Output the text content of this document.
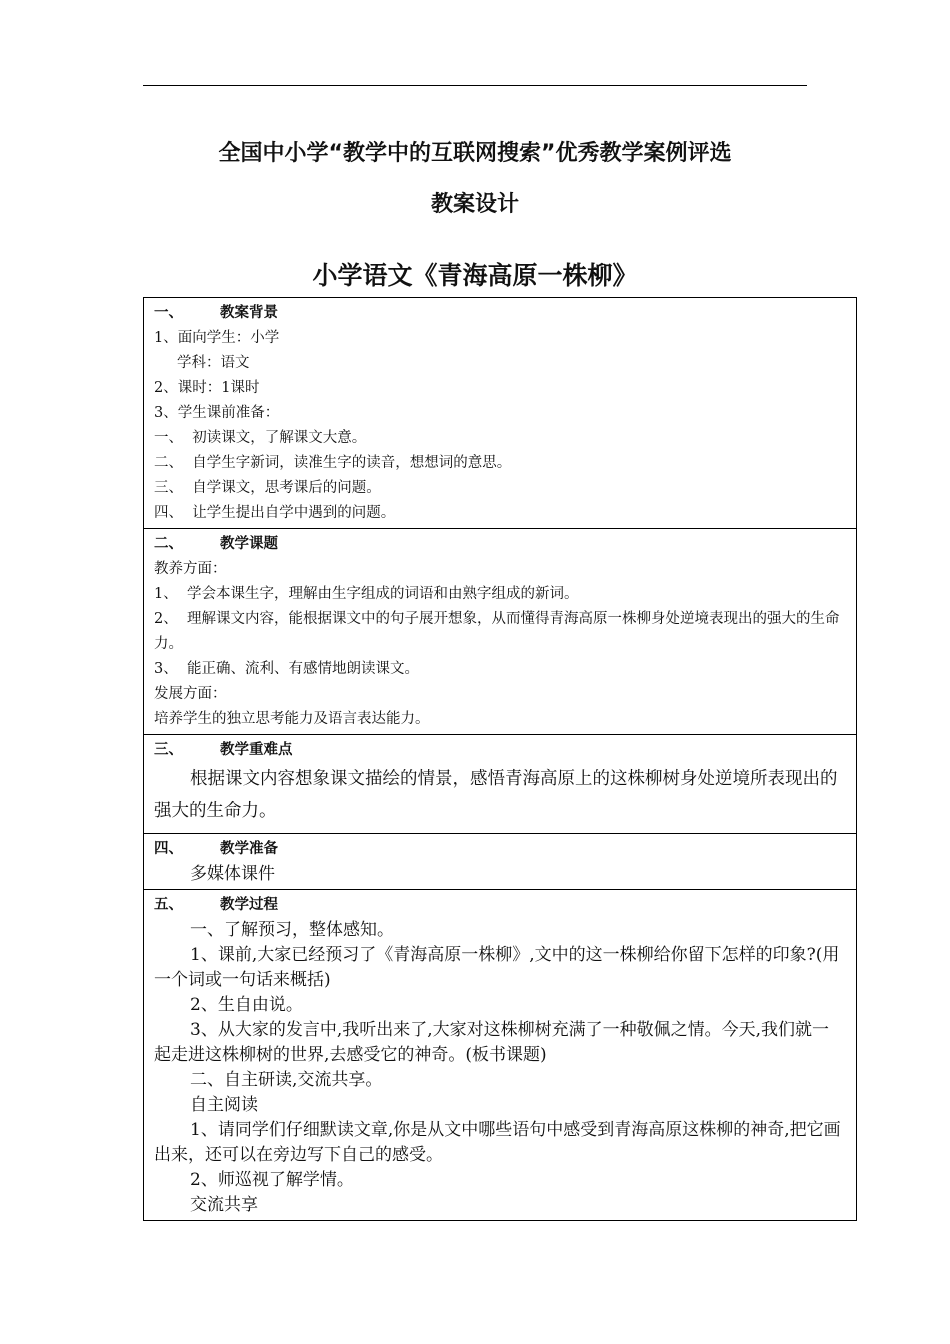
全国中小学“教学中的互联网搜索”优秀教学案例评选
教案设计
小学语文《青海高原一株柳》
一、	教案背景
1、面向学生：小学
学科：语文
2、课时：1课时
3、学生课前准备：
一、  初读课文，了解课文大意。
二、  自学生字新词，读准生字的读音，想想词的意思。
三、  自学课文，思考课后的问题。
四、  让学生提出自学中遇到的问题。

二、	教学课题
教养方面：
1、  学会本课生字，理解由生字组成的词语和由熟字组成的新词。
2、  理解课文内容，能根据课文中的句子展开想象，从而懂得青海高原一株柳身处逆境表现出的强大的生命力。
3、  能正确、流利、有感情地朗读课文。
发展方面：
培养学生的独立思考能力及语言表达能力。

三、	教学重难点
根据课文内容想象课文描绘的情景，感悟青海高原上的这株柳树身处逆境所表现出的强大的生命力。

四、	教学准备
多媒体课件

五、	教学过程
一、了解预习，整体感知。
1、课前,大家已经预习了《青海高原一株柳》,文中的这一株柳给你留下怎样的印象?(用一个词或一句话来概括)
2、生自由说。
3、从大家的发言中,我听出来了,大家对这株柳树充满了一种敬佩之情。今天,我们就一起走进这株柳树的世界,去感受它的神奇。(板书课题)
二、自主研读,交流共享。
自主阅读
1、请同学们仔细默读文章,你是从文中哪些语句中感受到青海高原这株柳的神奇,把它画出来，还可以在旁边写下自己的感受。
2、师巡视了解学情。
交流共享
